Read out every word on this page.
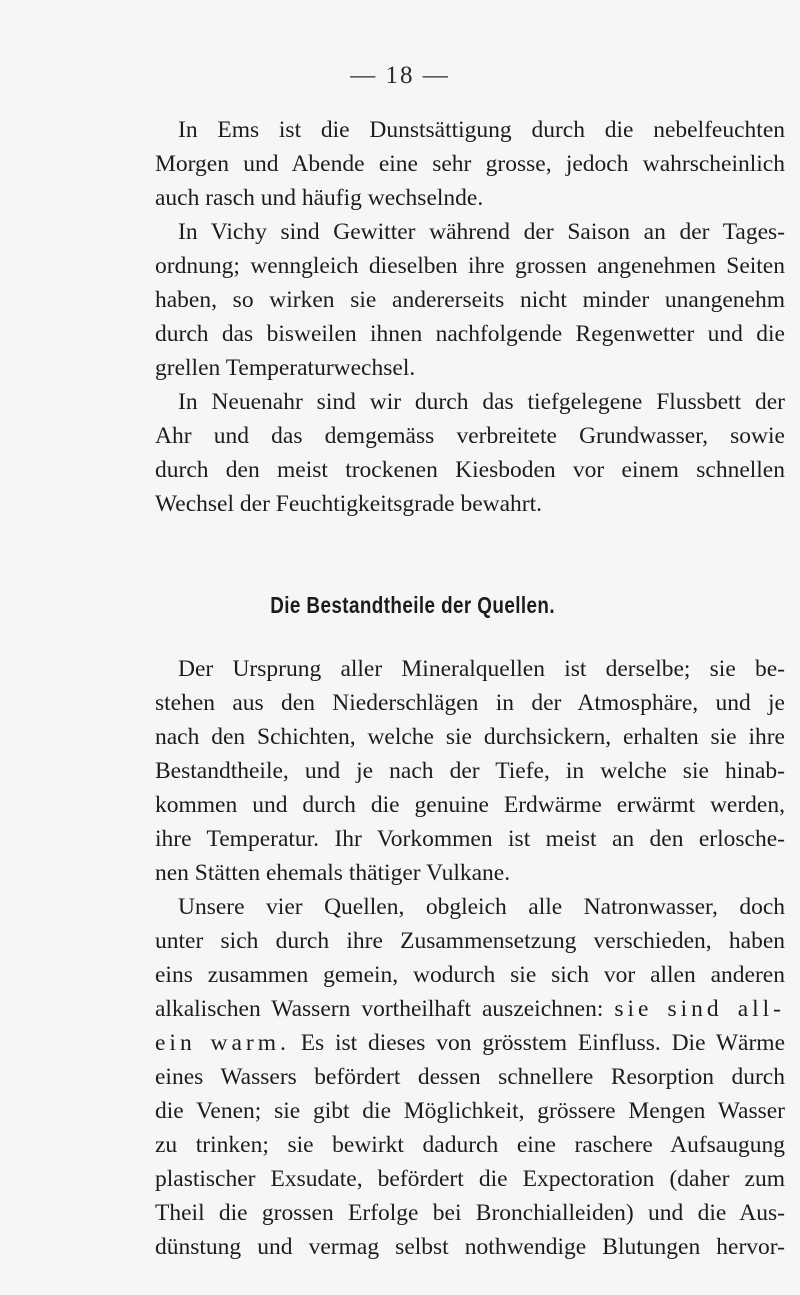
— 18 —
In Ems ist die Dunstsättigung durch die nebelfeuchten
Morgen und Abende eine sehr grosse, jedoch wahrscheinlich
auch rasch und häufig wechselnde.
In Vichy sind Gewitter während der Saison an der Tages-
ordnung; wenngleich dieselben ihre grossen angenehmen Seiten
haben, so wirken sie andererseits nicht minder unangenehm
durch das bisweilen ihnen nachfolgende Regenwetter und die
grellen Temperaturwechsel.
In Neuenahr sind wir durch das tiefgelegene Flussbett der
Ahr und das demgemäss verbreitete Grundwasser, sowie
durch den meist trockenen Kiesboden vor einem schnellen
Wechsel der Feuchtigkeitsgrade bewahrt.
Die Bestandtheile der Quellen.
Der Ursprung aller Mineralquellen ist derselbe; sie be-
stehen aus den Niederschlägen in der Atmosphäre, und je
nach den Schichten, welche sie durchsickern, erhalten sie ihre
Bestandtheile, und je nach der Tiefe, in welche sie hinab-
kommen und durch die genuine Erdwärme erwärmt werden,
ihre Temperatur. Ihr Vorkommen ist meist an den erlosche-
nen Stätten ehemals thätiger Vulkane.
Unsere vier Quellen, obgleich alle Natronwasser, doch
unter sich durch ihre Zusammensetzung verschieden, haben
eins zusammen gemein, wodurch sie sich vor allen anderen
alkalischen Wassern vortheilhaft auszeichnen: sie sind all-
ein warm. Es ist dieses von grösstem Einfluss. Die Wärme
eines Wassers befördert dessen schnellere Resorption durch
die Venen; sie gibt die Möglichkeit, grössere Mengen Wasser
zu trinken; sie bewirkt dadurch eine raschere Aufsaugung
plastischer Exsudate, befördert die Expectoration (daher zum
Theil die grossen Erfolge bei Bronchialleiden) und die Aus-
dünstung und vermag selbst nothwendige Blutungen hervor-
